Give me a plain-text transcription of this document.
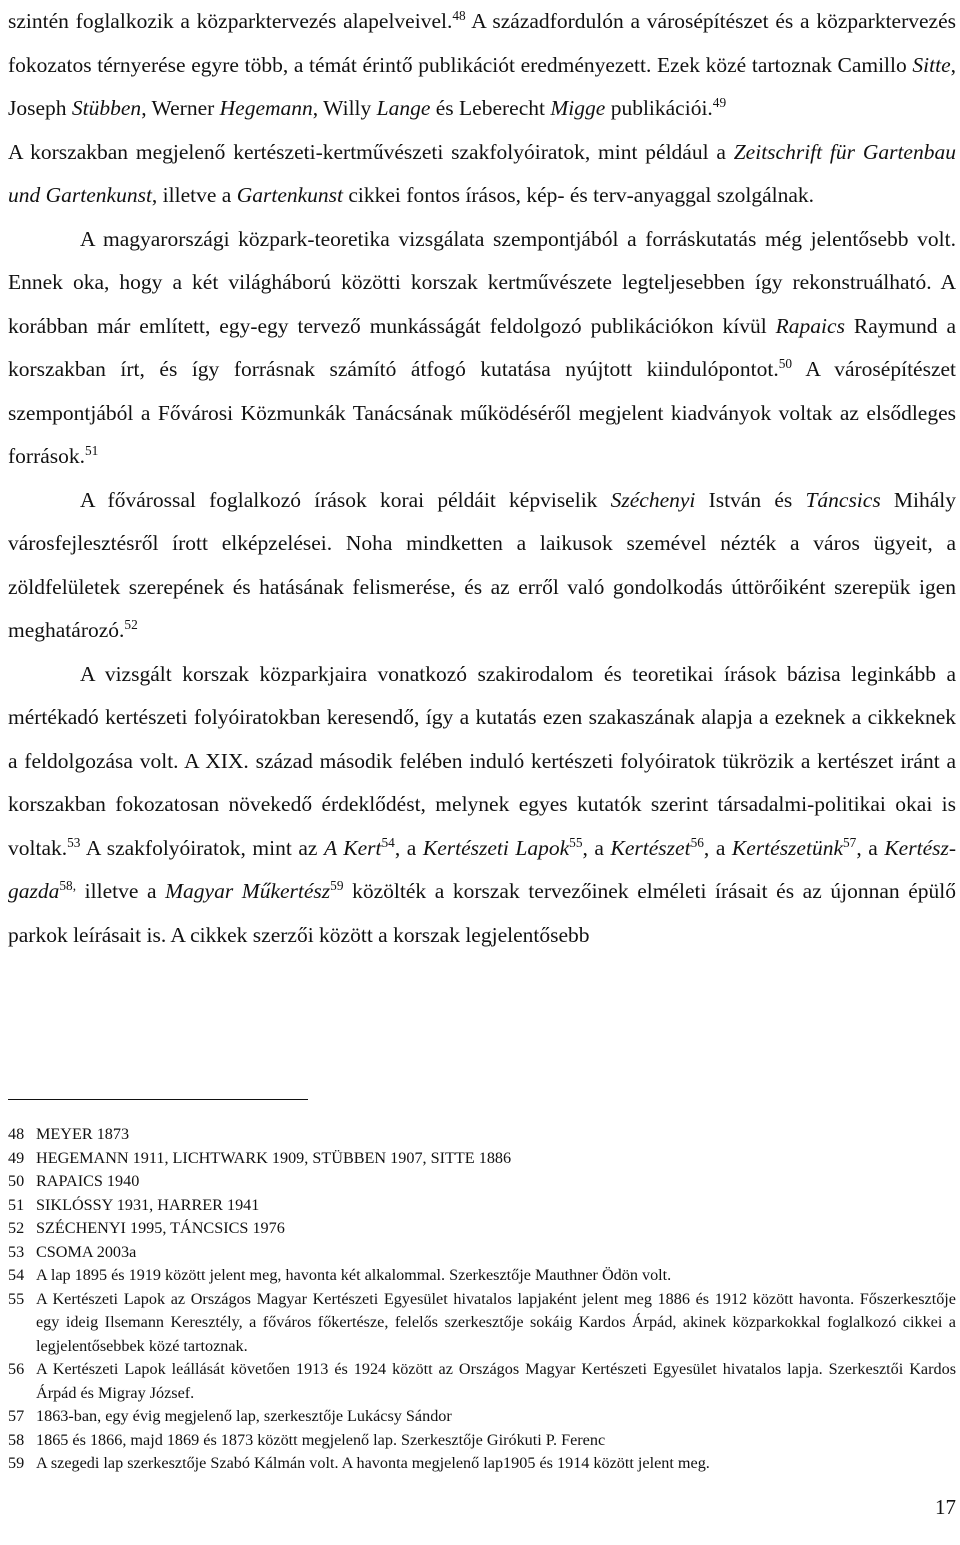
szintén foglalkozik a közparktervezés alapelveivel.$^{48}$ A századfordulón a városépítészet és a közparktervezés fokozatos térnyerése egyre több, a témát érintő publikációt eredményezett. Ezek közé tartoznak Camillo Sitte, Joseph Stübben, Werner Hegemann, Willy Lange és Leberecht Migge publikációi.$^{49}$

A korszakban megjelenő kertészeti-kertművészeti szakfolyóiratok, mint például a Zeitschrift für Gartenbau und Gartenkunst, illetve a Gartenkunst cikkei fontos írásos, kép- és terv-anyaggal szolgálnak.

A magyarországi közpark-teoretika vizsgálata szempontjából a forráskutatás még jelentősebb volt. Ennek oka, hogy a két világháború közötti korszak kertművészete legteljesebben így rekonstruálható. A korábban már említett, egy-egy tervező munkásságát feldolgozó publikációkon kívül Rapaics Raymund a korszakban írt, és így forrásnak számító átfogó kutatása nyújtott kiindulópontot.$^{50}$ A városépítészet szempontjából a Fővárosi Közmunkák Tanácsának működéséről megjelent kiadványok voltak az elsődleges források.$^{51}$

A fővárossal foglalkozó írások korai példáit képviselik Széchenyi István és Táncsics Mihály városfejlesztésről írott elképzelései. Noha mindketten a laikusok szemével nézték a város ügyeit, a zöldfelületek szerepének és hatásának felismerése, és az erről való gondolkodás úttörőiként szerepük igen meghatározó.$^{52}$

A vizsgált korszak közparkjaira vonatkozó szakirodalom és teoretikai írások bázisa leginkább a mértékadó kertészeti folyóiratokban keresendő, így a kutatás ezen szakaszának alapja a ezeknek a cikkeknek a feldolgozása volt. A XIX. század második felében induló kertészeti folyóiratok tükrözik a kertészet iránt a korszakban fokozatosan növekedő érdeklődést, melynek egyes kutatók szerint társadalmi-politikai okai is voltak.$^{53}$ A szakfolyóiratok, mint az A Kert$^{54}$, a Kertészeti Lapok$^{55}$, a Kertészet$^{56}$, a Kertészetünk$^{57}$, a Kertész-gazda$^{58,}$ illetve a Magyar Műkertész$^{59}$ közölték a korszak tervezőinek elméleti írásait és az újonnan épülő parkok leírásait is. A cikkek szerzői között a korszak legjelentősebb

48 MEYER 1873
49 HEGEMANN 1911, LICHTWARK 1909, STÜBBEN 1907, SITTE 1886
50 RAPAICS 1940
51 SIKLÓSSY 1931, HARRER 1941
52 SZÉCHENYI 1995, TÁNCSICS 1976
53 CSOMA 2003a
54 A lap 1895 és 1919 között jelent meg, havonta két alkalommal. Szerkesztője Mauthner Ödön volt.
55 A Kertészeti Lapok az Országos Magyar Kertészeti Egyesület hivatalos lapjaként jelent meg 1886 és 1912 között havonta. Főszerkesztője egy ideig Ilsemann Keresztély, a főváros főkertésze, felelős szerkesztője sokáig Kardos Árpád, akinek közparkokkal foglalkozó cikkei a legjelentősebbek közé tartoznak.
56 A Kertészeti Lapok leállását követően 1913 és 1924 között az Országos Magyar Kertészeti Egyesület hivatalos lapja. Szerkesztői Kardos Árpád és Migray József.
57 1863-ban, egy évig megjelenő lap, szerkesztője Lukácsy Sándor
58 1865 és 1866, majd 1869 és 1873 között megjelenő lap. Szerkesztője Girókuti P. Ferenc
59 A szegedi lap szerkesztője Szabó Kálmán volt. A havonta megjelenő lap1905 és 1914 között jelent meg.
17
